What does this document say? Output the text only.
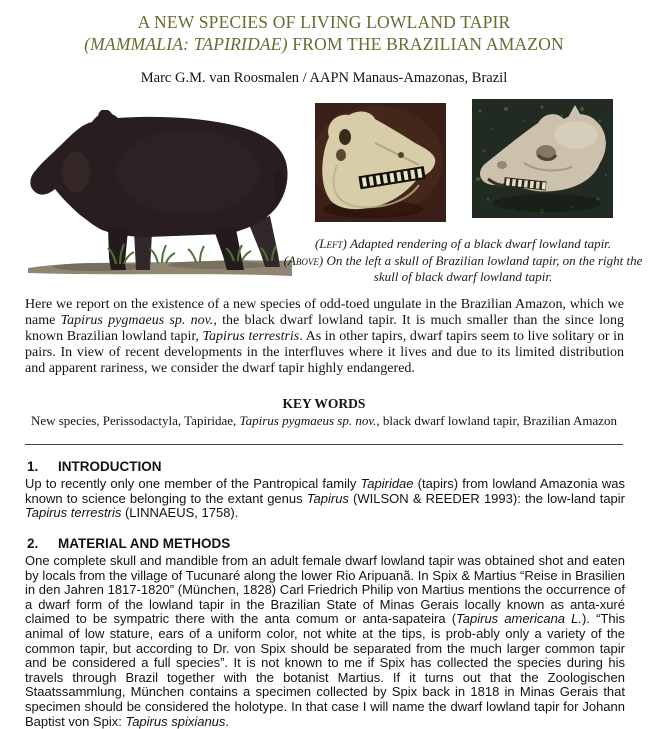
A NEW SPECIES OF LIVING LOWLAND TAPIR
(MAMMALIA: TAPIRIDAE) FROM THE BRAZILIAN AMAZON
Marc G.M. van Roosmalen / AAPN Manaus-Amazonas, Brazil
(Left) Adapted rendering of a black dwarf lowland tapir.
(Above) On the left a skull of Brazilian lowland tapir, on the right the skull of black dwarf lowland tapir.
Here we report on the existence of a new species of odd-toed ungulate in the Brazilian Amazon, which we name Tapirus pygmaeus sp. nov., the black dwarf lowland tapir. It is much smaller than the since long known Brazilian lowland tapir, Tapirus terrestris. As in other tapirs, dwarf tapirs seem to live solitary or in pairs. In view of recent developments in the interfluves where it lives and due to its limited distribution and apparent rariness, we consider the dwarf tapir highly endangered.
KEY WORDS
New species, Perissodactyla, Tapiridae, Tapirus pygmaeus sp. nov., black dwarf lowland tapir, Brazilian Amazon
1. INTRODUCTION
Up to recently only one member of the Pantropical family Tapiridae (tapirs) from lowland Amazonia was known to science belonging to the extant genus Tapirus (WILSON & REEDER 1993): the low-land tapir Tapirus terrestris (LINNAEUS, 1758).
2. MATERIAL AND METHODS
One complete skull and mandible from an adult female dwarf lowland tapir was obtained shot and eaten by locals from the village of Tucunaré along the lower Rio Aripuanã. In Spix & Martius “Reise in Brasilien in den Jahren 1817-1820” (München, 1828) Carl Friedrich Philip von Martius mentions the occurrence of a dwarf form of the lowland tapir in the Brazilian State of Minas Gerais locally known as anta-xuré claimed to be sympatric there with the anta comum or anta-sapateira (Tapirus americana L.). “This animal of low stature, ears of a uniform color, not white at the tips, is prob-ably only a variety of the common tapir, but according to Dr. von Spix should be separated from the much larger common tapir and be considered a full species”. It is not known to me if Spix has collected the species during his travels through Brazil together with the botanist Martius. If it turns out that the Zoologischen Staatssammlung, München contains a specimen collected by Spix back in 1818 in Minas Gerais that specimen should be considered the holotype. In that case I will name the dwarf lowland tapir for Johann Baptist von Spix: Tapirus spixianus.
